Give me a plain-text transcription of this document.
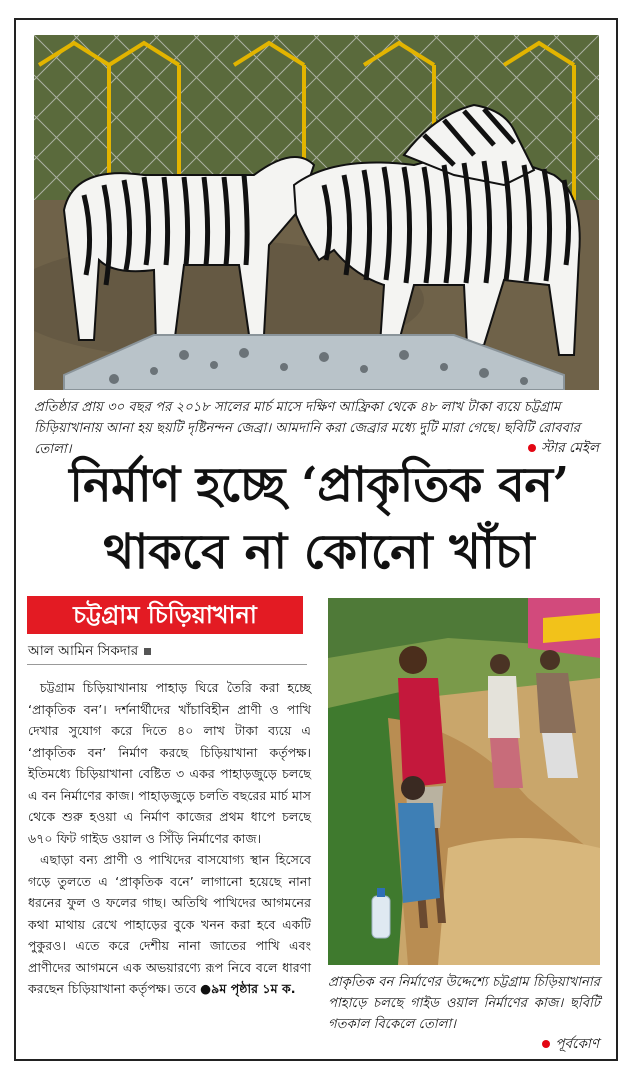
প্রতিষ্ঠার প্রায় ৩০ বছর পর ২০১৮ সালের মার্চ মাসে দক্ষিণ আফ্রিকা থেকে ৪৮ লাখ টাকা ব্যয়ে চট্টগ্রাম চিড়িয়াখানায় আনা হয় ছয়টি দৃষ্টিনন্দন জেব্রা। আমদানি করা জেব্রার মধ্যে দুটি মারা গেছে। ছবিটি রোববার তোলা।	স্টার মেইল
নির্মাণ হচ্ছে ‘প্রাকৃতিক বন’
থাকবে না কোনো খাঁচা
চট্টগ্রাম চিড়িয়াখানা
আল আমিন সিকদার

চট্টগ্রাম চিড়িয়াখানায় পাহাড় ঘিরে তৈরি করা হচ্ছে ‘প্রাকৃতিক বন’। দর্শনার্থীদের খাঁচাবিহীন প্রাণী ও পাখি দেখার সুযোগ করে দিতে ৪০ লাখ টাকা ব্যয়ে এ ‘প্রাকৃতিক বন’ নির্মাণ করছে চিড়িয়াখানা কর্তৃপক্ষ। ইতিমধ্যে চিড়িয়াখানা বেষ্টিত ৩ একর পাহাড়জুড়ে চলছে এ বন নির্মাণের কাজ। পাহাড়জুড়ে চলতি বছরের মার্চ মাস থেকে শুরু হওয়া এ নির্মাণ কাজের প্রথম ধাপে চলছে ৬৭০ ফিট গাইড ওয়াল ও সিঁড়ি নির্মাণের কাজ।

এছাড়া বন্য প্রাণী ও পাখিদের বাসযোগ্য স্থান হিসেবে গড়ে তুলতে এ ‘প্রাকৃতিক বনে’ লাগানো হয়েছে নানা ধরনের ফুল ও ফলের গাছ। অতিথি পাখিদের আগমনের কথা মাথায় রেখে পাহাড়ের বুকে খনন করা হবে একটি পুকুরও। এতে করে দেশীয় নানা জাতের পাখি এবং প্রাণীদের আগমনে এক অভয়ারণ্যে রূপ নিবে বলে ধারণা করছেন চিড়িয়াখানা কর্তৃপক্ষ। তবে ●৯ম পৃষ্ঠার ১ম ক.	প্রাকৃতিক বন নির্মাণের উদ্দেশ্যে চট্টগ্রাম চিড়িয়াখানার পাহাড়ে চলছে গাইড ওয়াল নির্মাণের কাজ। ছবিটি গতকাল বিকেলে তোলা।
পূর্বকোণ
